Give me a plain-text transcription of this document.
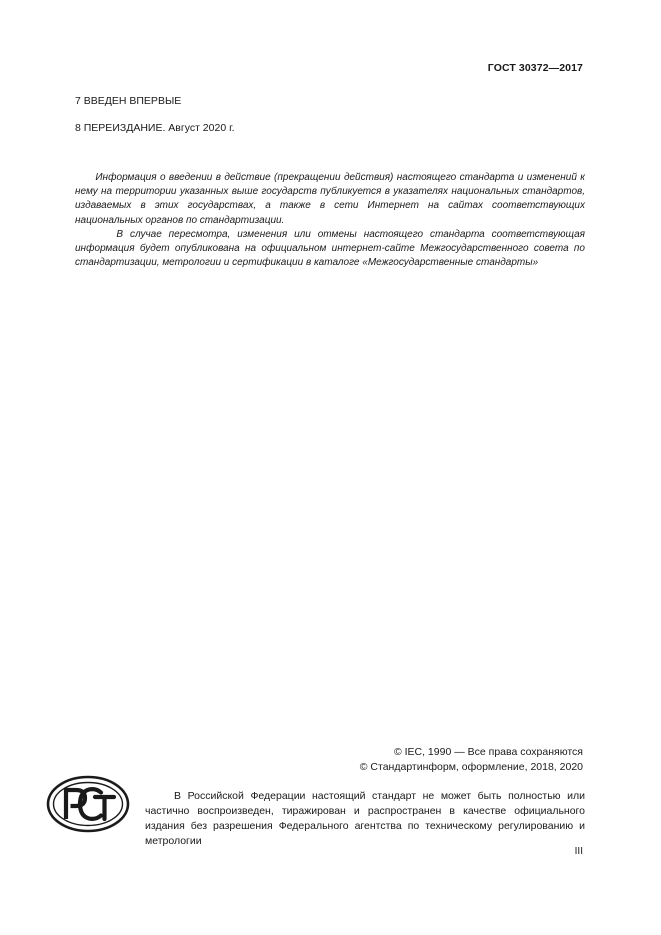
ГОСТ 30372—2017
7 ВВЕДЕН ВПЕРВЫЕ
8 ПЕРЕИЗДАНИЕ. Август 2020 г.

Информация о введении в действие (прекращении действия) настоящего стандарта и изменений к нему на территории указанных выше государств публикуется в указателях национальных стандартов, издаваемых в этих государствах, а также в сети Интернет на сайтах соответствующих национальных органов по стандартизации.

В случае пересмотра, изменения или отмены настоящего стандарта соответствующая информация будет опубликована на официальном интернет-сайте Межгосударственного совета по стандартизации, метрологии и сертификации в каталоге «Межгосударственные стандарты»

© IEC, 1990 — Все права сохраняются
© Стандартинформ, оформление, 2018, 2020

В Российской Федерации настоящий стандарт не может быть полностью или частично воспроизведен, тиражирован и распространен в качестве официального издания без разрешения Федерального агентства по техническому регулированию и метрологии

III
